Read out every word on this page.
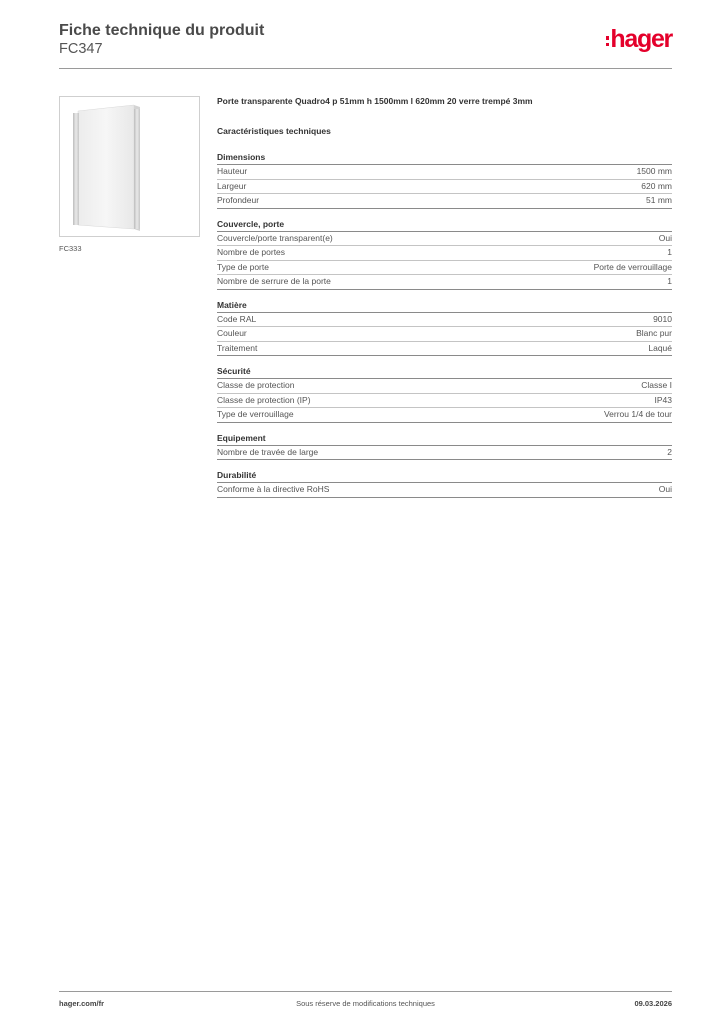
Fiche technique du produit
FC347	hager
FC333
Porte transparente Quadro4 p 51mm h 1500mm l 620mm 20 verre trempé 3mm
Caractéristiques techniques
Dimensions
Hauteur	1500 mm
Largeur	620 mm
Profondeur	51 mm
Couvercle, porte
Couvercle/porte transparent(e)	Oui
Nombre de portes	1
Type de porte	Porte de verrouillage
Nombre de serrure de la porte	1
Matière
Code RAL	9010
Couleur	Blanc pur
Traitement	Laqué
Sécurité
Classe de protection	Classe I
Classe de protection (IP)	IP43
Type de verrouillage	Verrou 1/4 de tour
Equipement
Nombre de travée de large	2
Durabilité
Conforme à la directive RoHS	Oui
hager.com/fr	Sous réserve de modifications techniques	09.03.2026
